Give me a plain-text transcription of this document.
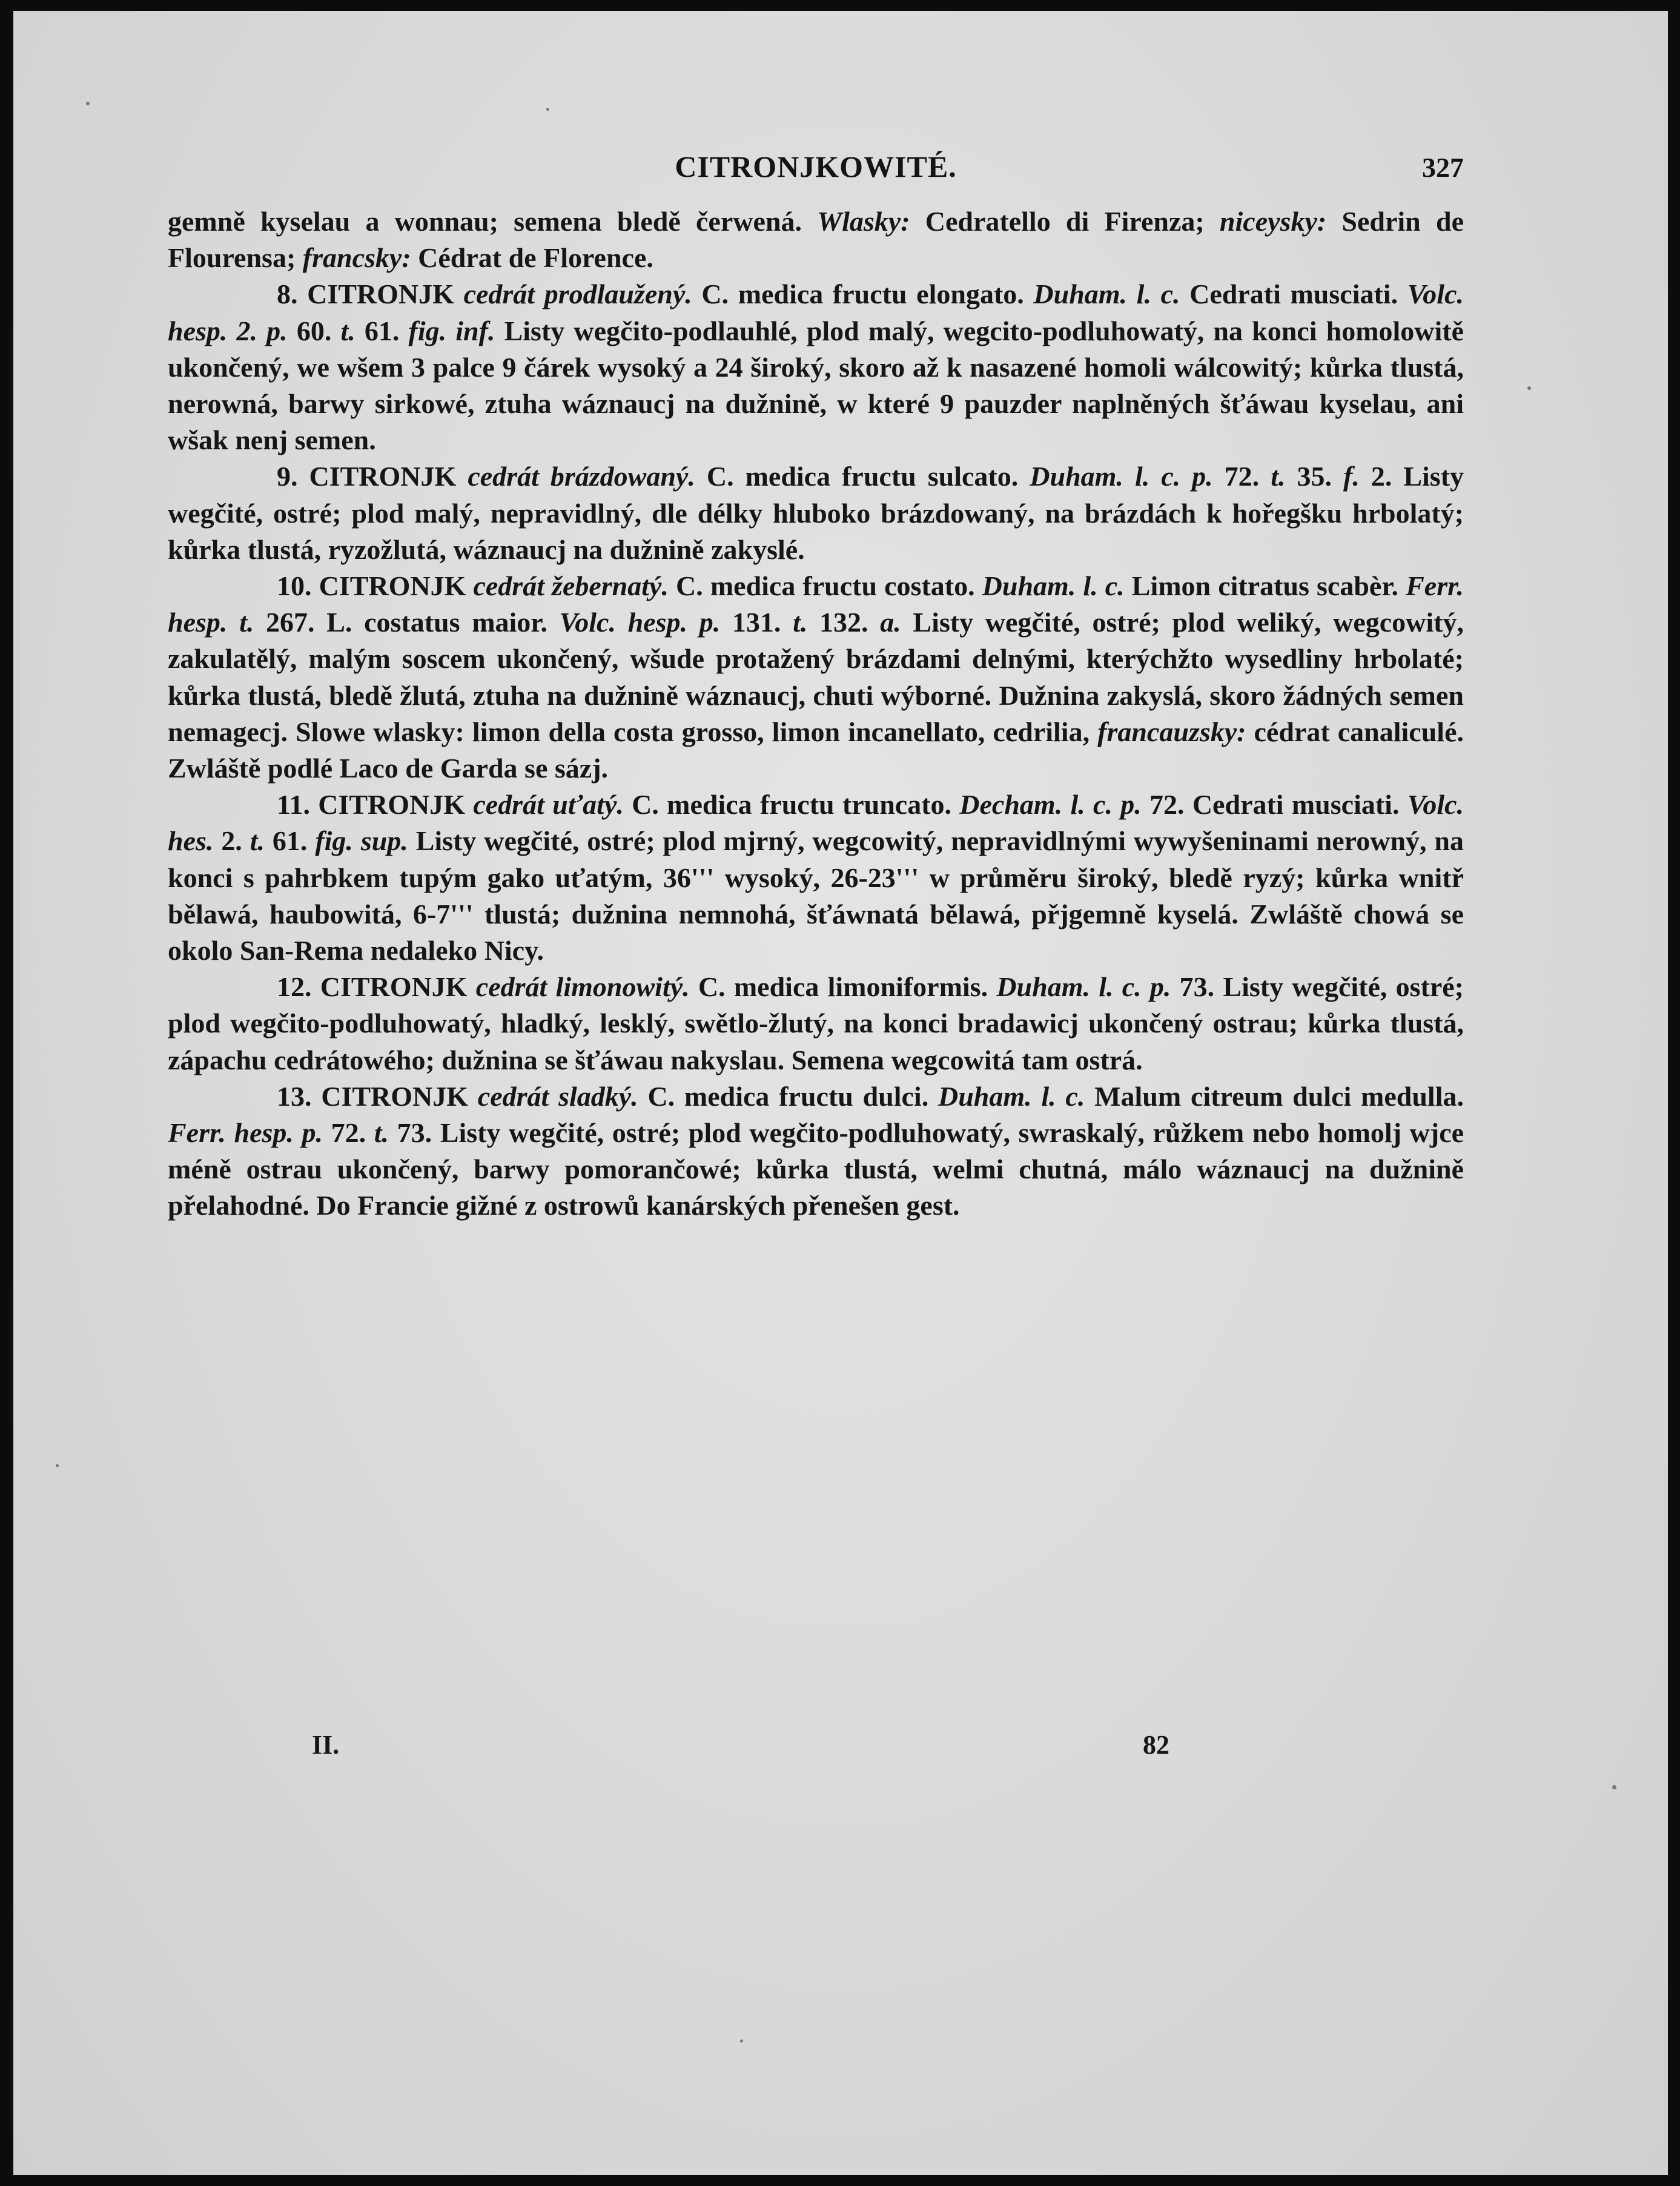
CITRONJKOWITÉ.	327

gemně kyselau a wonnau; semena bledě čerwená. Wlasky: Cedratello di Firenza; niceysky: Sedrin de Flourensa; francsky: Cédrat de Florence.

8. CITRONJK cedrát prodlaužený. C. medica fructu elongato. Duham. l. c. Cedrati musciati. Volc. hesp. 2. p. 60. t. 61. fig. inf. Listy wegčito-podlauhlé, plod malý, wegcito-podluhowatý, na konci homolowitě ukončený, we wšem 3 palce 9 čárek wysoký a 24 široký, skoro až k nasazené homoli wálcowitý; kůrka tlustá, nerowná, barwy sirkowé, ztuha wáznaucj na dužnině, w které 9 pauzder naplněných šťáwau kyselau, ani wšak nenj semen.

9. CITRONJK cedrát brázdowaný. C. medica fructu sulcato. Duham. l. c. p. 72. t. 35. f. 2. Listy wegčité, ostré; plod malý, nepravidlný, dle délky hluboko brázdowaný, na brázdách k hořegšku hrbolatý; kůrka tlustá, ryzožlutá, wáznaucj na dužnině zakyslé.

10. CITRONJK cedrát žebernatý. C. medica fructu costato. Duham. l. c. Limon citratus scabèr. Ferr. hesp. t. 267. L. costatus maior. Volc. hesp. p. 131. t. 132. a. Listy wegčité, ostré; plod weliký, wegcowitý, zakulatělý, malým soscem ukončený, wšude protažený brázdami delnými, kterýchžto wysedliny hrbolaté; kůrka tlustá, bledě žlutá, ztuha na dužnině wáznaucj, chuti wýborné. Dužnina zakyslá, skoro žádných semen nemagecj. Slowe wlasky: limon della costa grosso, limon incanellato, cedrilia, francauzsky: cédrat canaliculé. Zwláště podlé Laco de Garda se sázj.

11. CITRONJK cedrát uťatý. C. medica fructu truncato. Decham. l. c. p. 72. Cedrati musciati. Volc. hes. 2. t. 61. fig. sup. Listy wegčité, ostré; plod mjrný, wegcowitý, nepravidlnými wywyšeninami nerowný, na konci s pahrbkem tupým gako uťatým, 36''' wysoký, 26-23''' w průměru široký, bledě ryzý; kůrka wnitř bělawá, haubowitá, 6-7''' tlustá; dužnina nemnohá, šťáwnatá bělawá, přjgemně kyselá. Zwláště chowá se okolo San-Rema nedaleko Nicy.

12. CITRONJK cedrát limonowitý. C. medica limoniformis. Duham. l. c. p. 73. Listy wegčité, ostré; plod wegčito-podluhowatý, hladký, lesklý, swětlo-žlutý, na konci bradawicj ukončený ostrau; kůrka tlustá, zápachu cedrátowého; dužnina se šťáwau nakyslau. Semena wegcowitá tam ostrá.

13. CITRONJK cedrát sladký. C. medica fructu dulci. Duham. l. c. Malum citreum dulci medulla. Ferr. hesp. p. 72. t. 73. Listy wegčité, ostré; plod wegčito-podluhowatý, swraskalý, růžkem nebo homolj wjce méně ostrau ukončený, barwy pomorančowé; kůrka tlustá, welmi chutná, málo wáznaucj na dužnině přelahodné. Do Francie gižné z ostrowů kanárských přenešen gest.

II.	82
